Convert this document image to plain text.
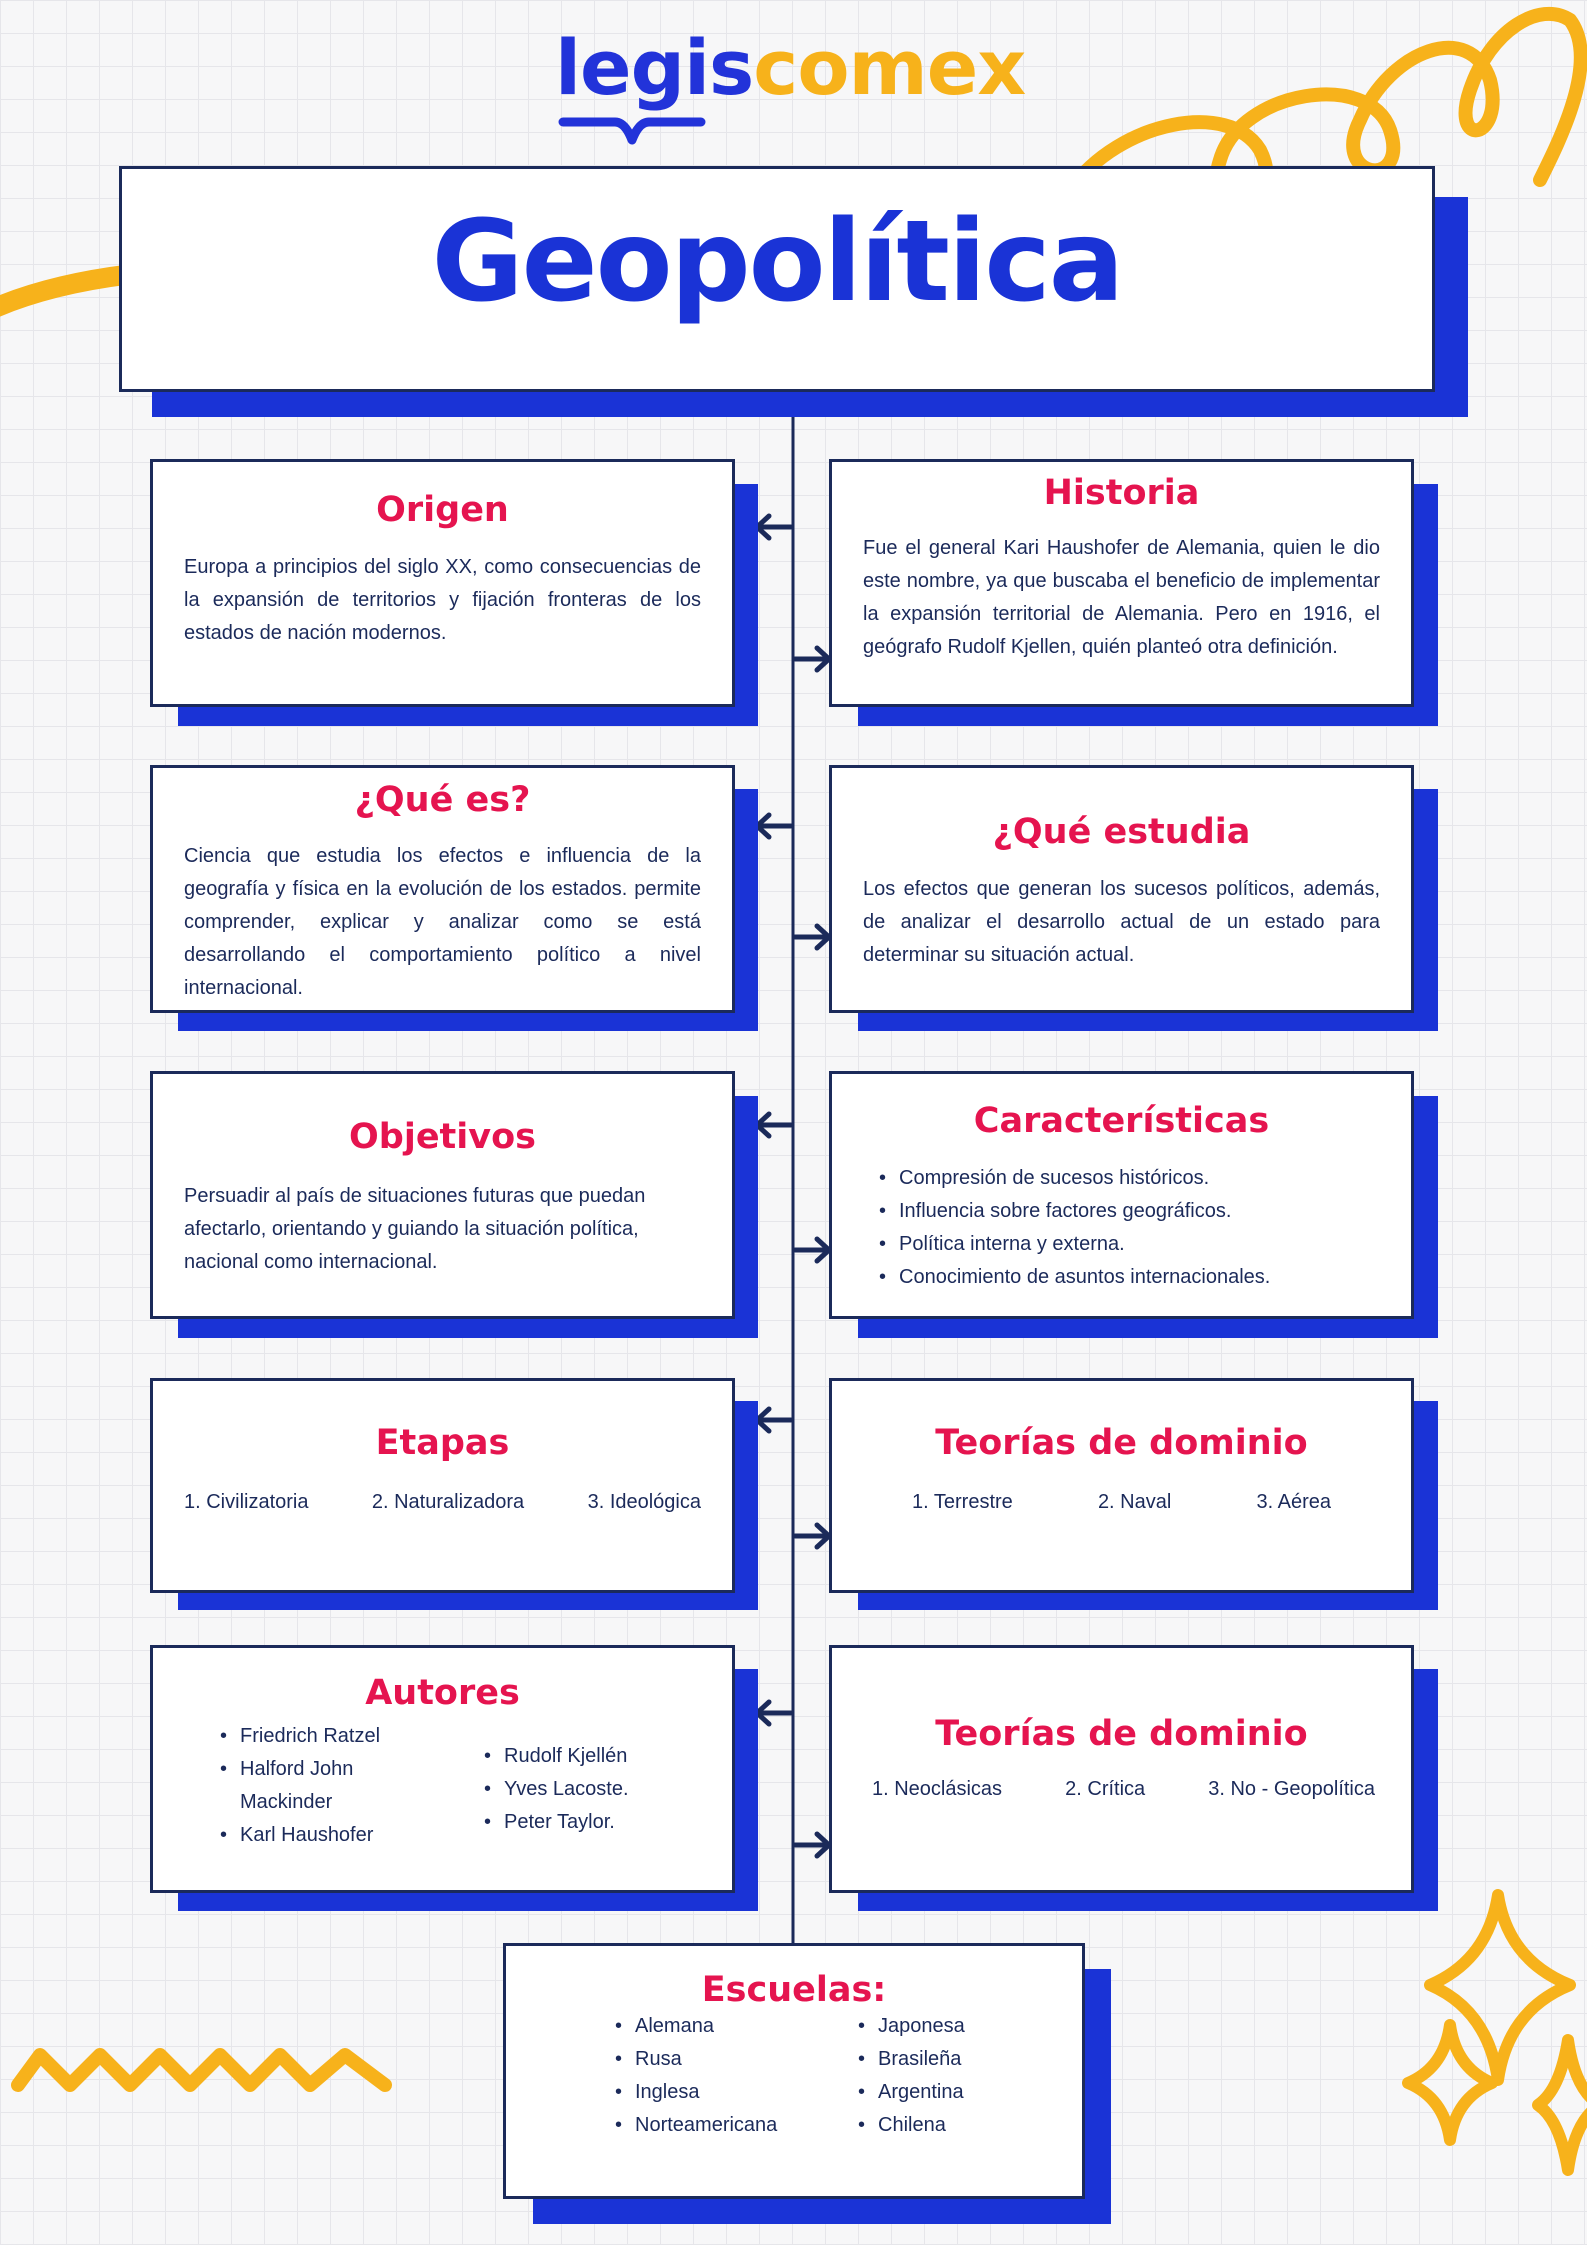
legiscomex
Geopolítica
Origen

Europa a principios del siglo XX, como consecuencias de la expansión de territorios y fijación fronteras de los estados de nación modernos.

Historia

Fue el general Kari Haushofer de Alemania, quien le dio este nombre, ya que buscaba el beneficio de implementar la expansión territorial de Alemania. Pero en 1916, el geógrafo Rudolf Kjellen, quién planteó otra definición.

¿Qué es?

Ciencia que estudia los efectos e influencia de la geografía y física en la evolución de los estados. permite comprender, explicar y analizar como se está desarrollando el comportamiento político a nivel internacional.

¿Qué estudia

Los efectos que generan los sucesos políticos, además, de analizar el desarrollo actual de un estado para determinar su situación actual.

Objetivos

Persuadir al país de situaciones futuras que puedan afectarlo, orientando y guiando la situación política, nacional como internacional.

Características
• Compresión de sucesos históricos.
• Influencia sobre factores geográficos.
• Política interna y externa.
• Conocimiento de asuntos internacionales.
Etapas
1. Civilizatoria	2. Naturalizadora	3. Ideológica
Teorías de dominio
1. Terrestre	2. Naval	3. Aérea
Autores
• Friedrich Ratzel
• Halford John Mackinder
• Karl Haushofer
• Rudolf Kjellén
• Yves Lacoste.
• Peter Taylor.
Teorías de dominio
1. Neoclásicas	2. Crítica	3. No - Geopolítica
Escuelas:
• Alemana
• Rusa
• Inglesa
• Norteamericana
• Japonesa
• Brasileña
• Argentina
• Chilena
